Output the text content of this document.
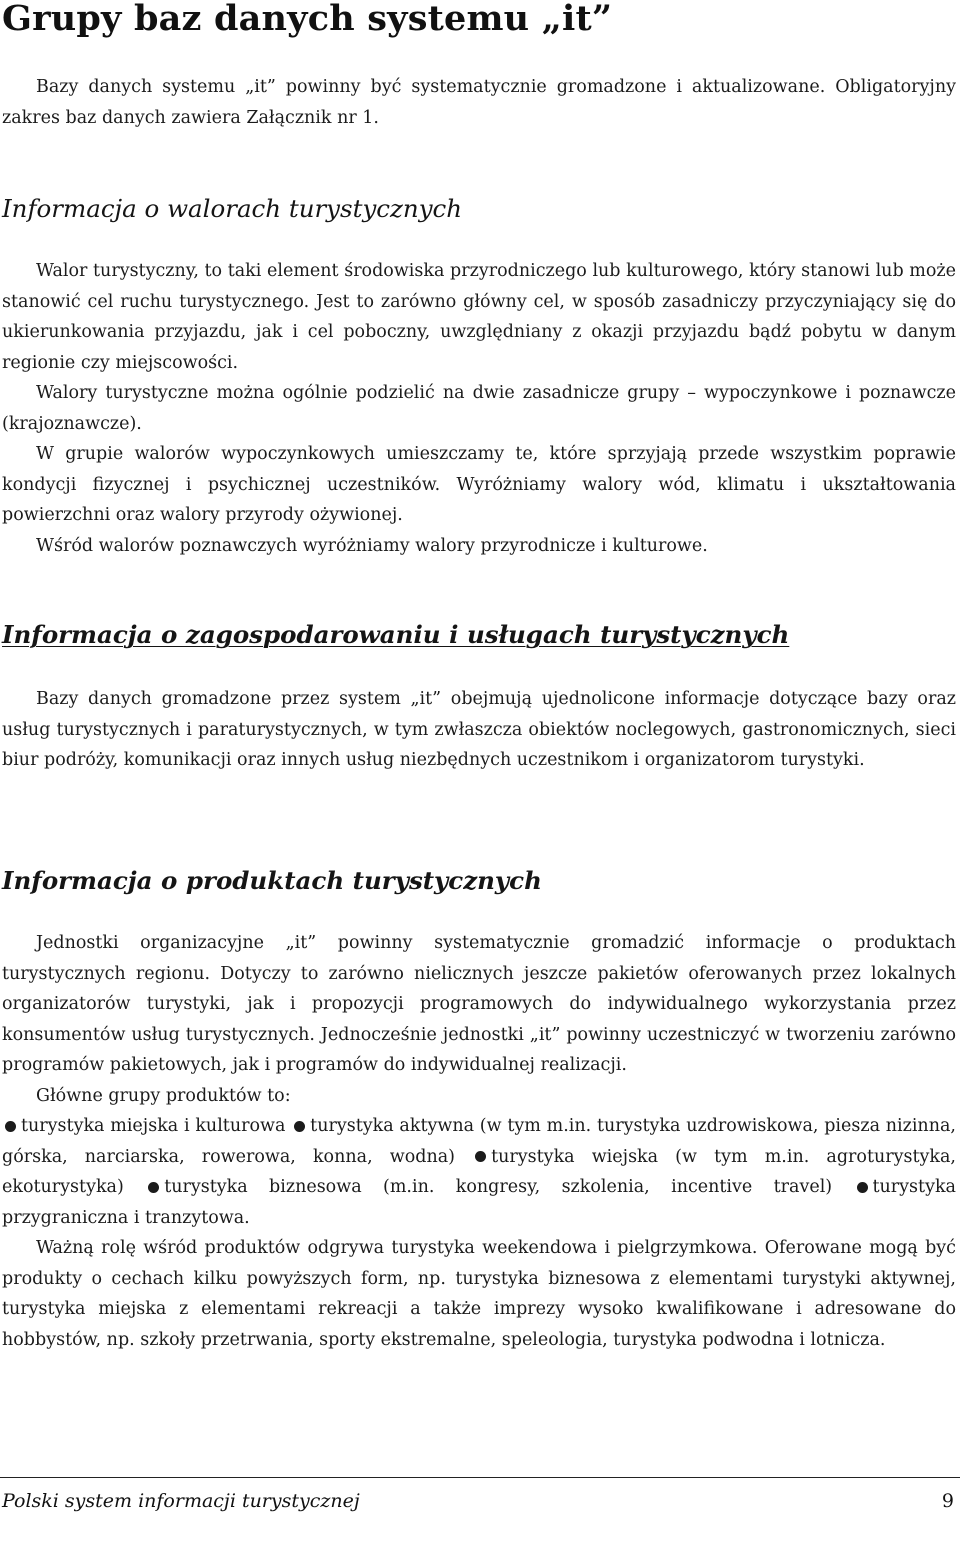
Grupy baz danych systemu „it”

Bazy danych systemu „it” powinny być systematycznie gromadzone i aktualizowane. Obligatoryjny zakres baz danych zawiera Załącznik nr 1.

Informacja o walorach turystycznych

Walor turystyczny, to taki element środowiska przyrodniczego lub kulturowego, który stanowi lub może stanowić cel ruchu turystycznego. Jest to zarówno główny cel, w sposób zasadniczy przyczyniający się do ukierunkowania przyjazdu, jak i cel poboczny, uwzględniany z okazji przyjazdu bądź pobytu w danym regionie czy miejscowości.

Walory turystyczne można ogólnie podzielić na dwie zasadnicze grupy – wypoczynkowe i poznawcze (krajoznawcze).

W grupie walorów wypoczynkowych umieszczamy te, które sprzyjają przede wszystkim poprawie kondycji fizycznej i psychicznej uczestników. Wyróżniamy walory wód, klimatu i ukształtowania powierzchni oraz walory przyrody ożywionej.

Wśród walorów poznawczych wyróżniamy walory przyrodnicze i kulturowe.

Informacja o zagospodarowaniu i usługach turystycznych

Bazy danych gromadzone przez system „it” obejmują ujednolicone informacje dotyczące bazy oraz usług turystycznych i paraturystycznych, w tym zwłaszcza obiektów noclegowych, gastronomicznych, sieci biur podróży, komunikacji oraz innych usług niezbędnych uczestnikom i organizatorom turystyki.

Informacja o produktach turystycznych

Jednostki organizacyjne „it” powinny systematycznie gromadzić informacje o produktach turystycznych regionu. Dotyczy to zarówno nielicznych jeszcze pakietów oferowanych przez lokalnych organizatorów turystyki, jak i propozycji programowych do indywidualnego wykorzystania przez konsumentów usług turystycznych. Jednocześnie jednostki „it” powinny uczestniczyć w tworzeniu zarówno programów pakietowych, jak i programów do indywidualnej realizacji.

Główne grupy produktów to:

turystyka miejska i kulturowa turystyka aktywna (w tym m.in. turystyka uzdrowiskowa, piesza nizinna, górska, narciarska, rowerowa, konna, wodna) turystyka wiejska (w tym m.in. agroturystyka, ekoturystyka) turystyka biznesowa (m.in. kongresy, szkolenia, incentive travel) turystyka przygraniczna i tranzytowa.

Ważną rolę wśród produktów odgrywa turystyka weekendowa i pielgrzymkowa. Oferowane mogą być produkty o cechach kilku powyższych form, np. turystyka biznesowa z elementami turystyki aktywnej, turystyka miejska z elementami rekreacji a także imprezy wysoko kwalifikowane i adresowane do hobbystów, np. szkoły przetrwania, sporty ekstremalne, speleologia, turystyka podwodna i lotnicza.

Polski system informacji turystycznej	9
